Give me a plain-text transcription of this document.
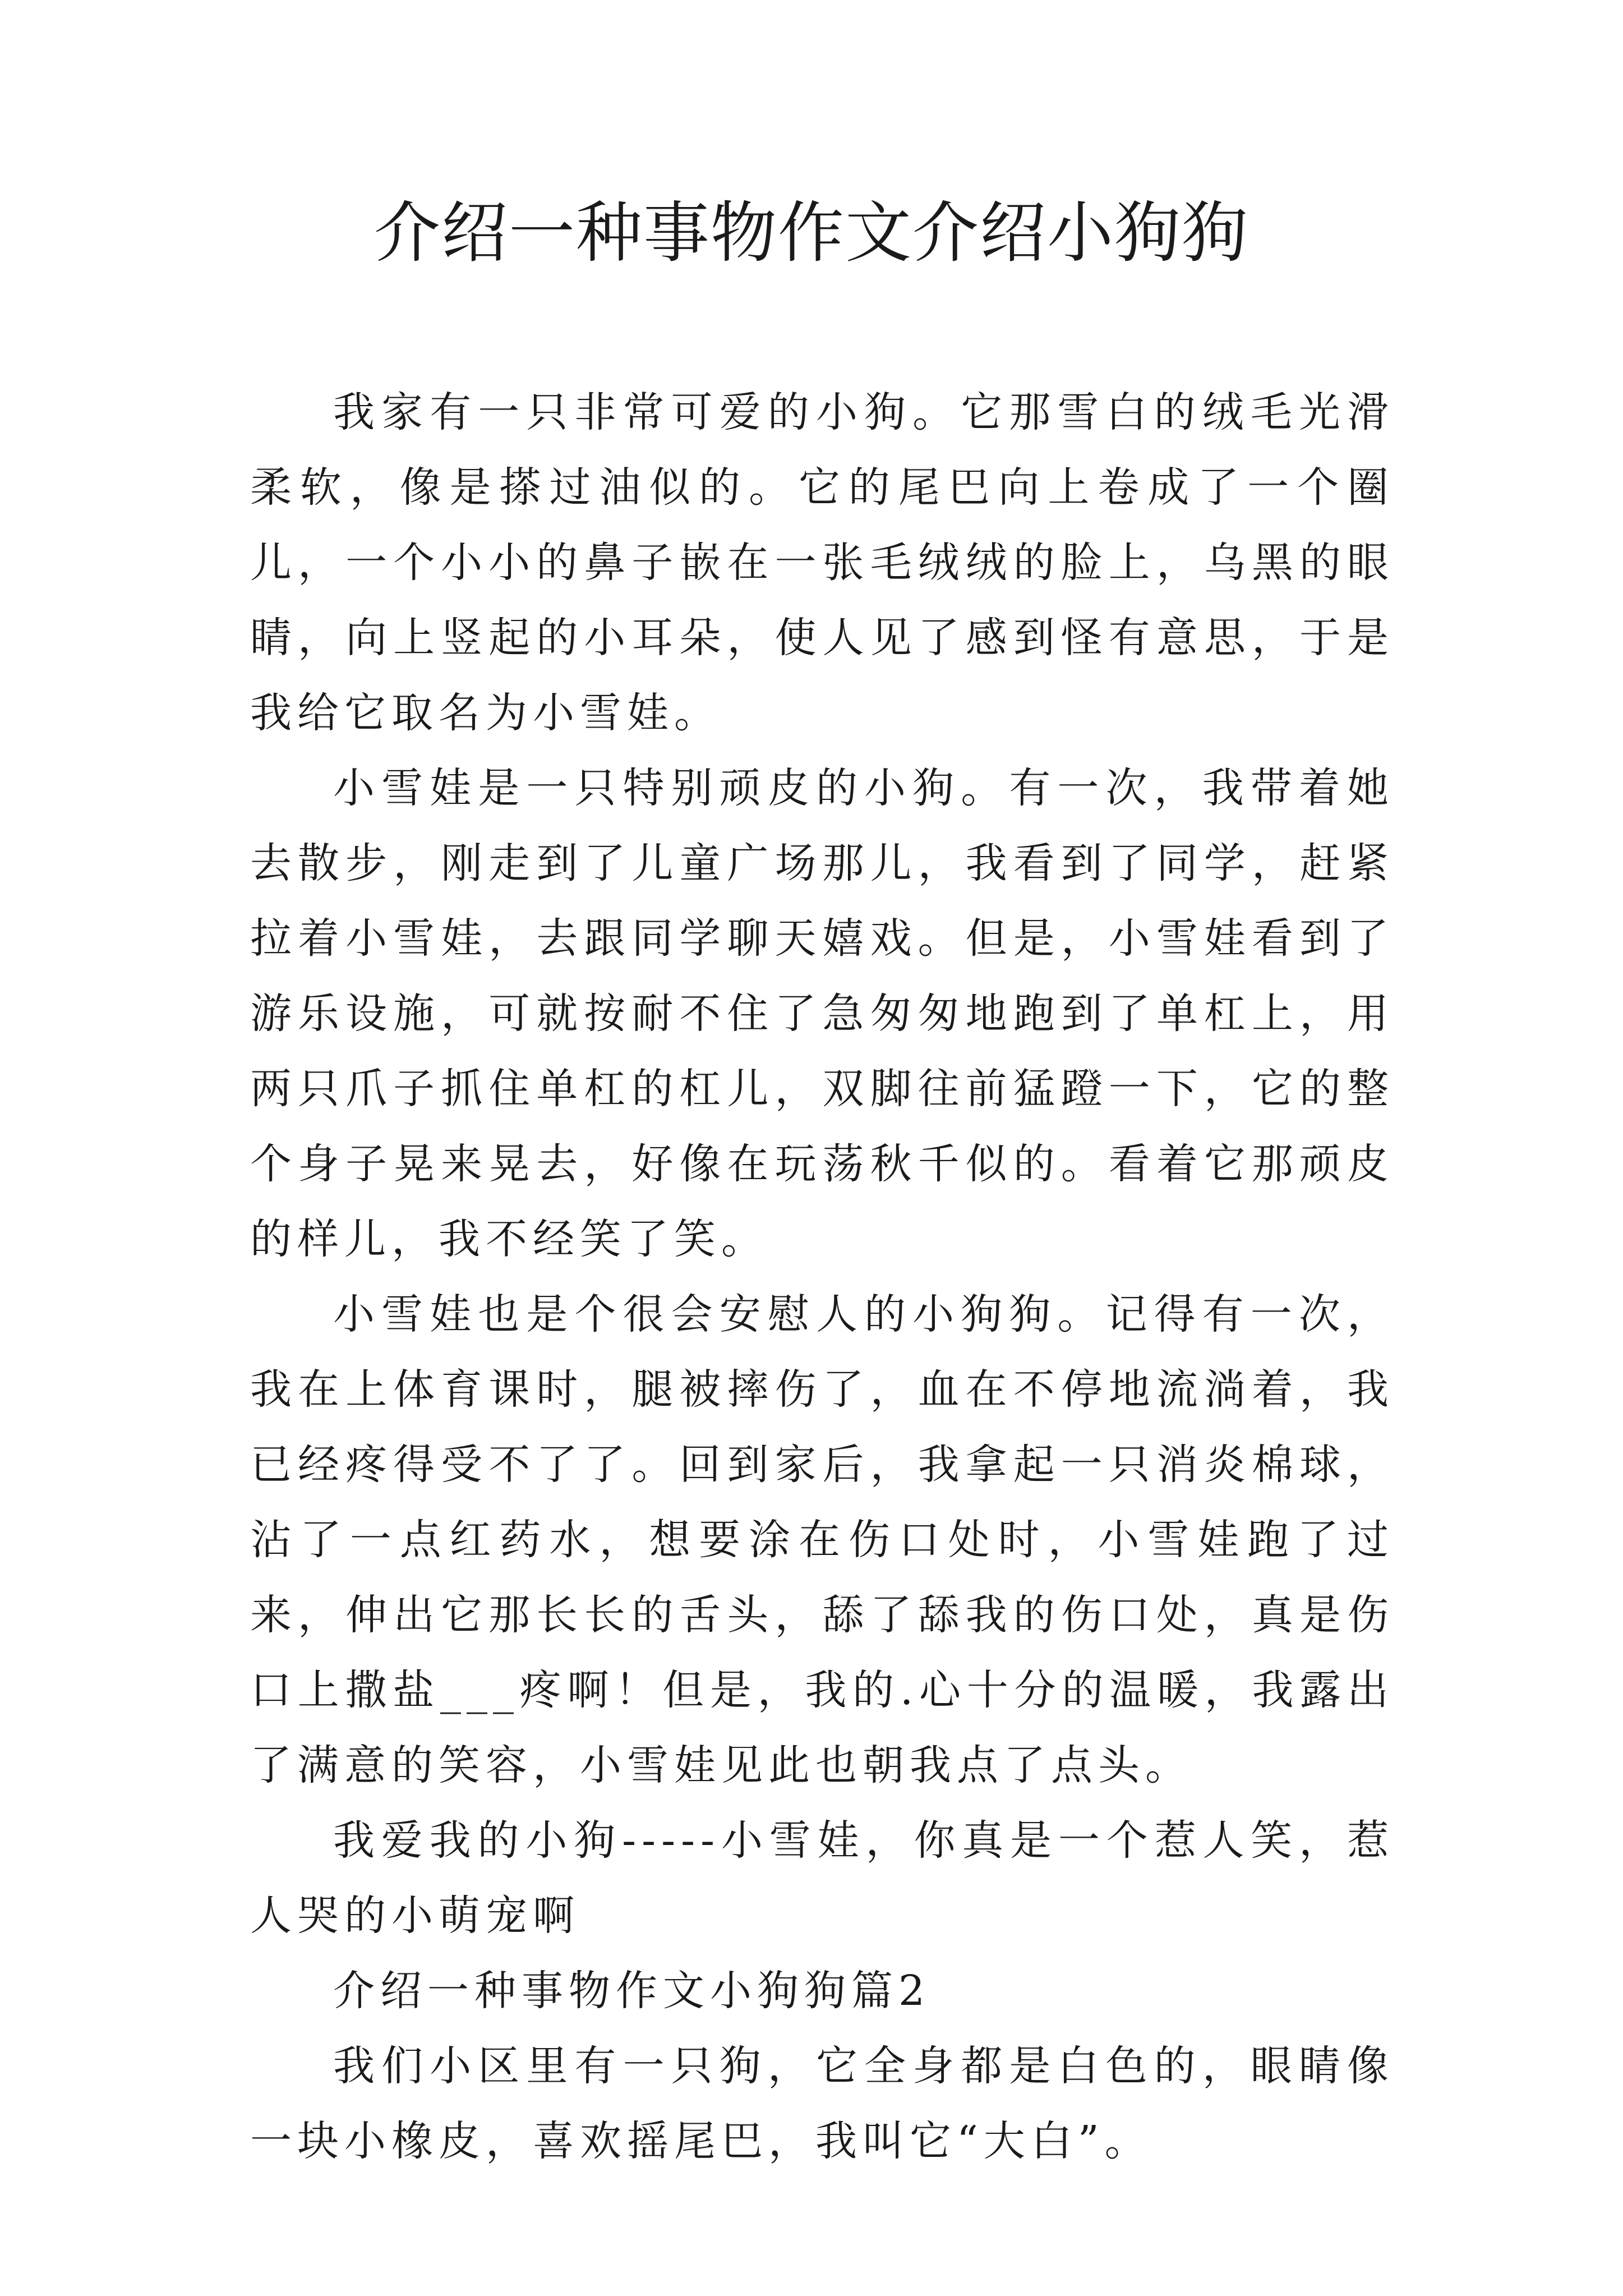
介绍一种事物作文介绍小狗狗

我家有一只非常可爱的小狗。它那雪白的绒毛光滑柔软，像是搽过油似的。它的尾巴向上卷成了一个圈儿，一个小小的鼻子嵌在一张毛绒绒的脸上，乌黑的眼睛，向上竖起的小耳朵，使人见了感到怪有意思，于是我给它取名为小雪娃。

小雪娃是一只特别顽皮的小狗。有一次，我带着她去散步，刚走到了儿童广场那儿，我看到了同学，赶紧拉着小雪娃，去跟同学聊天嬉戏。但是，小雪娃看到了游乐设施，可就按耐不住了急匆匆地跑到了单杠上，用两只爪子抓住单杠的杠儿，双脚往前猛蹬一下，它的整个身子晃来晃去，好像在玩荡秋千似的。看着它那顽皮的样儿，我不经笑了笑。

小雪娃也是个很会安慰人的小狗狗。记得有一次，我在上体育课时，腿被摔伤了，血在不停地流淌着，我已经疼得受不了了。回到家后，我拿起一只消炎棉球，沾了一点红药水，想要涂在伤口处时，小雪娃跑了过来，伸出它那长长的舌头，舔了舔我的伤口处，真是伤口上撒盐___疼啊！但是，我的.心十分的温暖，我露出了满意的笑容，小雪娃见此也朝我点了点头。

我爱我的小狗-----小雪娃，你真是一个惹人笑，惹人哭的小萌宠啊

介绍一种事物作文小狗狗篇2

我们小区里有一只狗，它全身都是白色的，眼睛像一块小橡皮，喜欢摇尾巴，我叫它“大白”。
